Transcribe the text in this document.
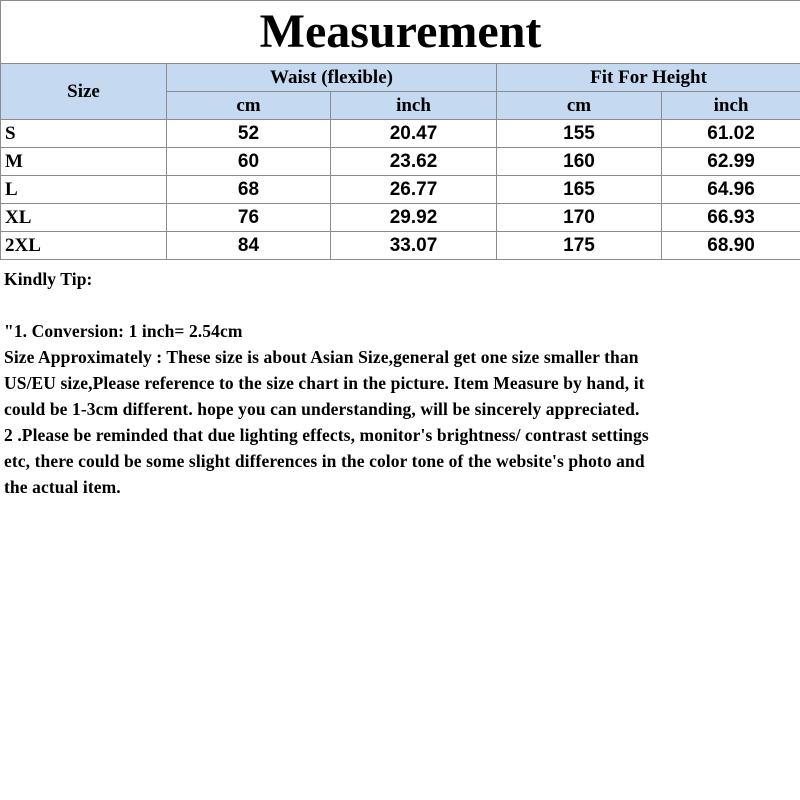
Measurement				
Size	Waist (flexible)		Fit For Height	
	cm	inch	cm	inch
S	52	20.47	155	61.02
M	60	23.62	160	62.99
L	68	26.77	165	64.96
XL	76	29.92	170	66.93
2XL	84	33.07	175	68.90

Kindly Tip:

"1. Conversion: 1 inch= 2.54cm

Size Approximately : These size is about Asian Size,general get one size smaller than

US/EU size,Please reference to the size chart in the picture. Item Measure by hand, it

could be 1-3cm different. hope you can understanding, will be sincerely appreciated.

2 .Please be reminded that due lighting effects, monitor's brightness/ contrast settings

etc, there could be some slight differences in the color tone of the website's photo and

the actual item.
